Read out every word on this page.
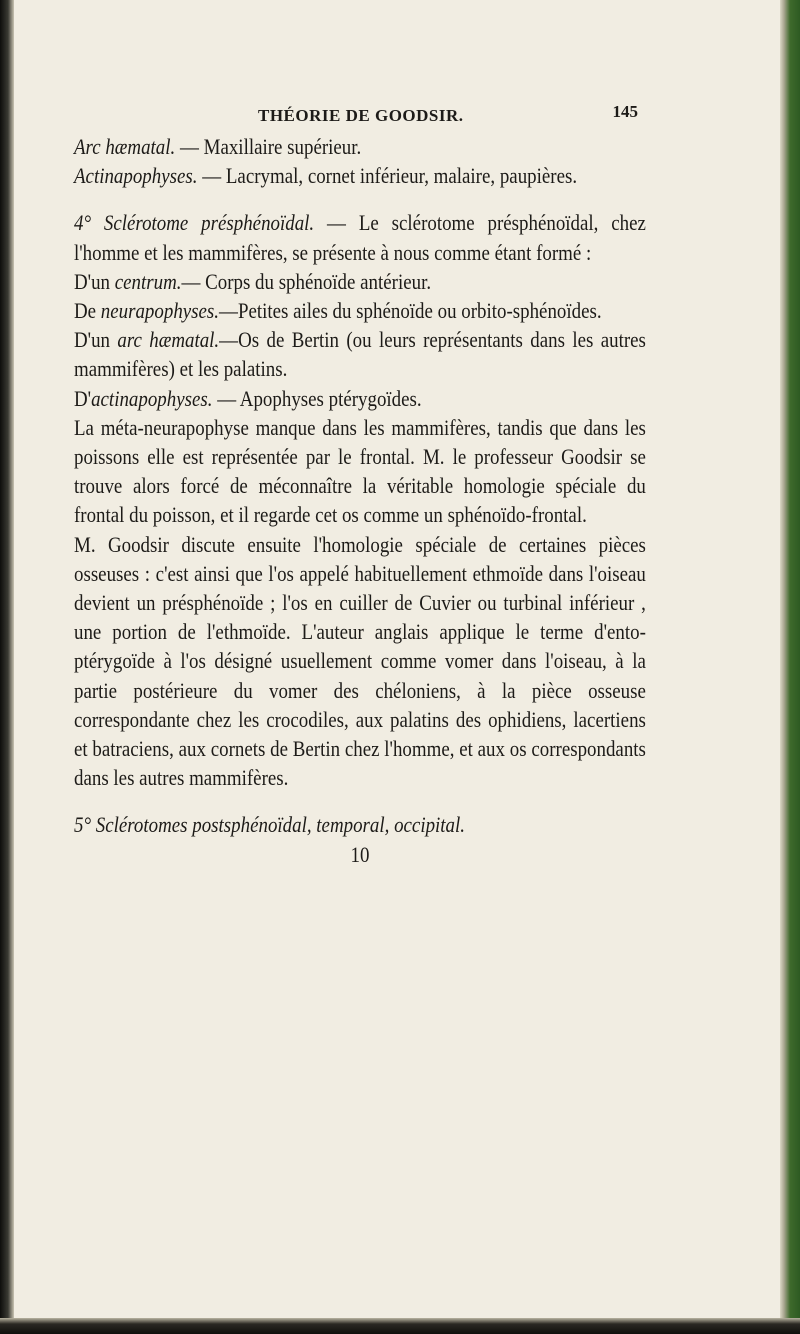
THÉORIE DE GOODSIR.	145

Arc hæmatal. — Maxillaire supérieur.

Actinapophyses. — Lacrymal, cornet inférieur, malaire, paupières.

4° Sclérotome présphénoïdal. — Le sclérotome présphénoïdal, chez l'homme et les mammifères, se présente à nous comme étant formé :

D'un centrum.— Corps du sphénoïde antérieur.

De neurapophyses.—Petites ailes du sphénoïde ou orbito-sphénoïdes.

D'un arc hæmatal.—Os de Bertin (ou leurs représentants dans les autres mammifères) et les palatins.

D'actinapophyses. — Apophyses ptérygoïdes.

La méta-neurapophyse manque dans les mammifères, tandis que dans les poissons elle est représentée par le frontal. M. le professeur Goodsir se trouve alors forcé de méconnaître la véritable homologie spéciale du frontal du poisson, et il regarde cet os comme un sphénoïdo-frontal.

M. Goodsir discute ensuite l'homologie spéciale de certaines pièces osseuses : c'est ainsi que l'os appelé habituellement ethmoïde dans l'oiseau devient un présphénoïde ; l'os en cuiller de Cuvier ou turbinal inférieur , une portion de l'ethmoïde. L'auteur anglais applique le terme d'ento-ptérygoïde à l'os désigné usuellement comme vomer dans l'oiseau, à la partie postérieure du vomer des chéloniens, à la pièce osseuse correspondante chez les crocodiles, aux palatins des ophidiens, lacertiens et batraciens, aux cornets de Bertin chez l'homme, et aux os correspondants dans les autres mammifères.

5° Sclérotomes postsphénoïdal, temporal, occipital.

10
